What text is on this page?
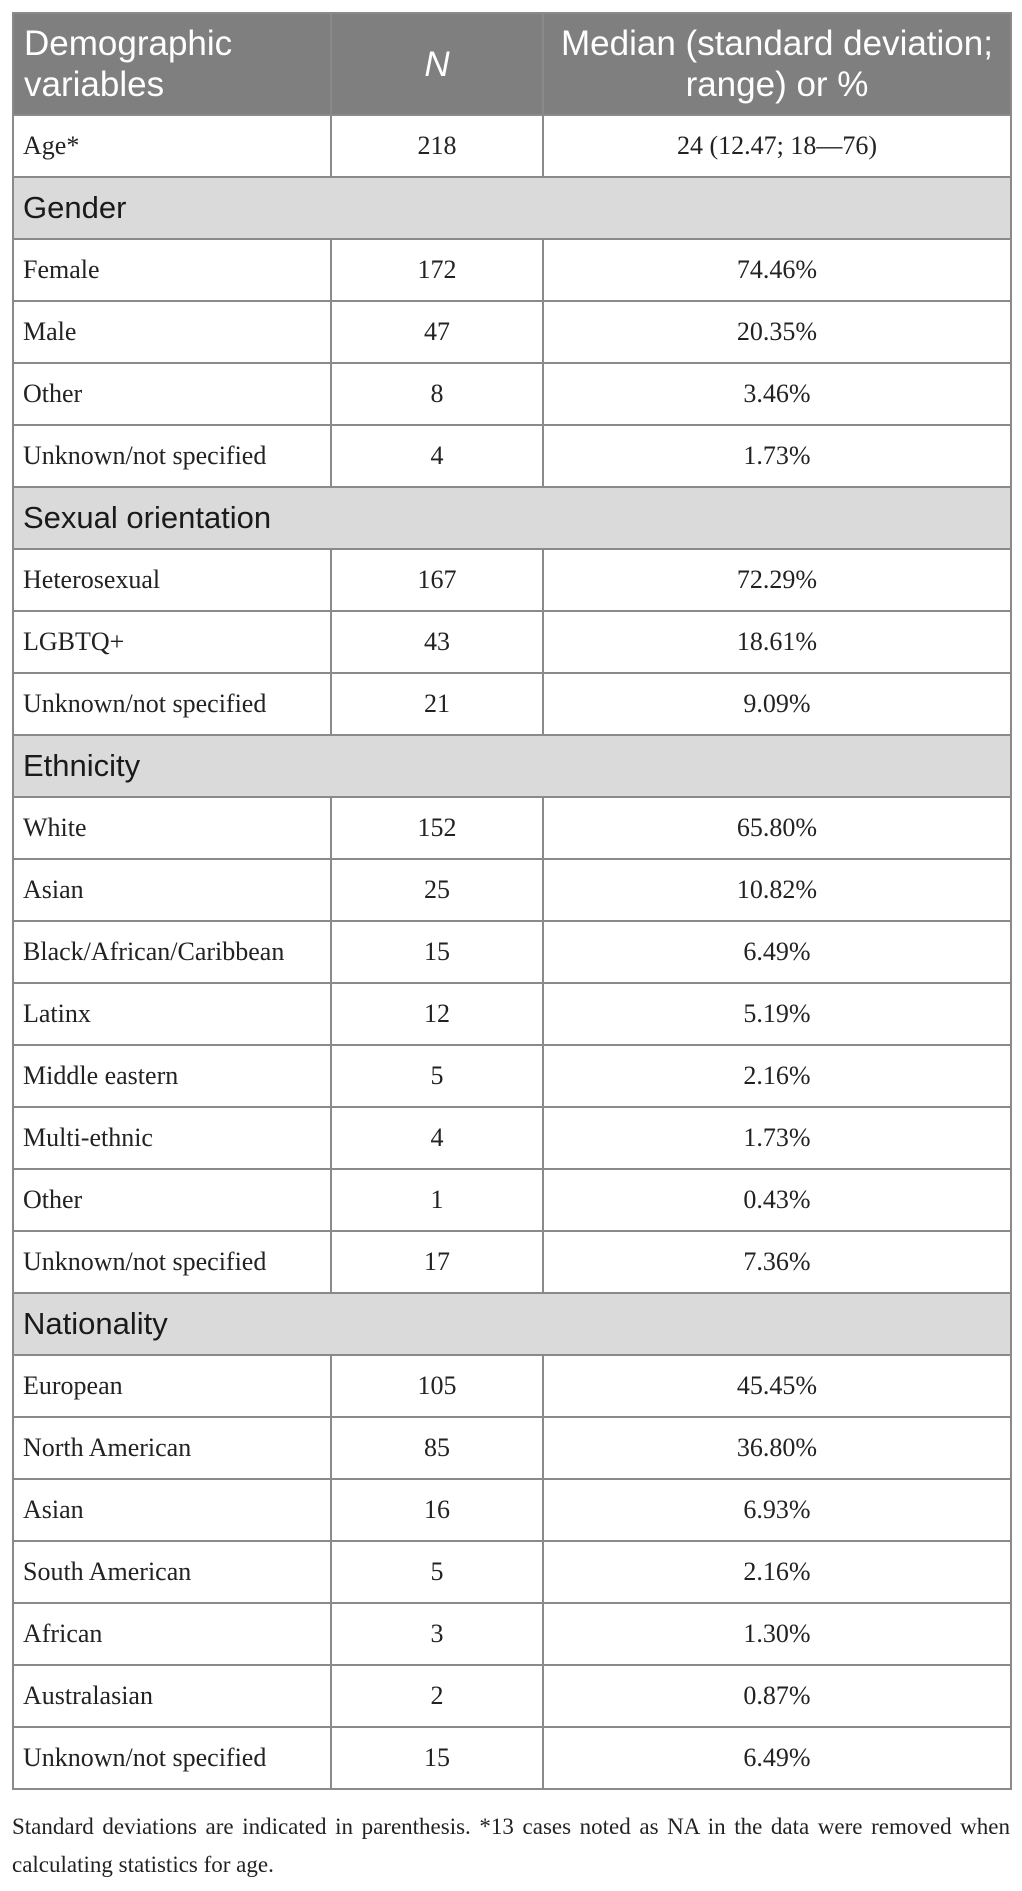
Demographic variables	N	Median (standard deviation; range) or %
Age*	218	24 (12.47; 18—76)
Gender		
Female	172	74.46%
Male	47	20.35%
Other	8	3.46%
Unknown/not specified	4	1.73%
Sexual orientation		
Heterosexual	167	72.29%
LGBTQ+	43	18.61%
Unknown/not specified	21	9.09%
Ethnicity		
White	152	65.80%
Asian	25	10.82%
Black/African/Caribbean	15	6.49%
Latinx	12	5.19%
Middle eastern	5	2.16%
Multi-ethnic	4	1.73%
Other	1	0.43%
Unknown/not specified	17	7.36%
Nationality		
European	105	45.45%
North American	85	36.80%
Asian	16	6.93%
South American	5	2.16%
African	3	1.30%
Australasian	2	0.87%
Unknown/not specified	15	6.49%
Standard deviations are indicated in parenthesis. *13 cases noted as NA in the data were removed when calculating statistics for age.
